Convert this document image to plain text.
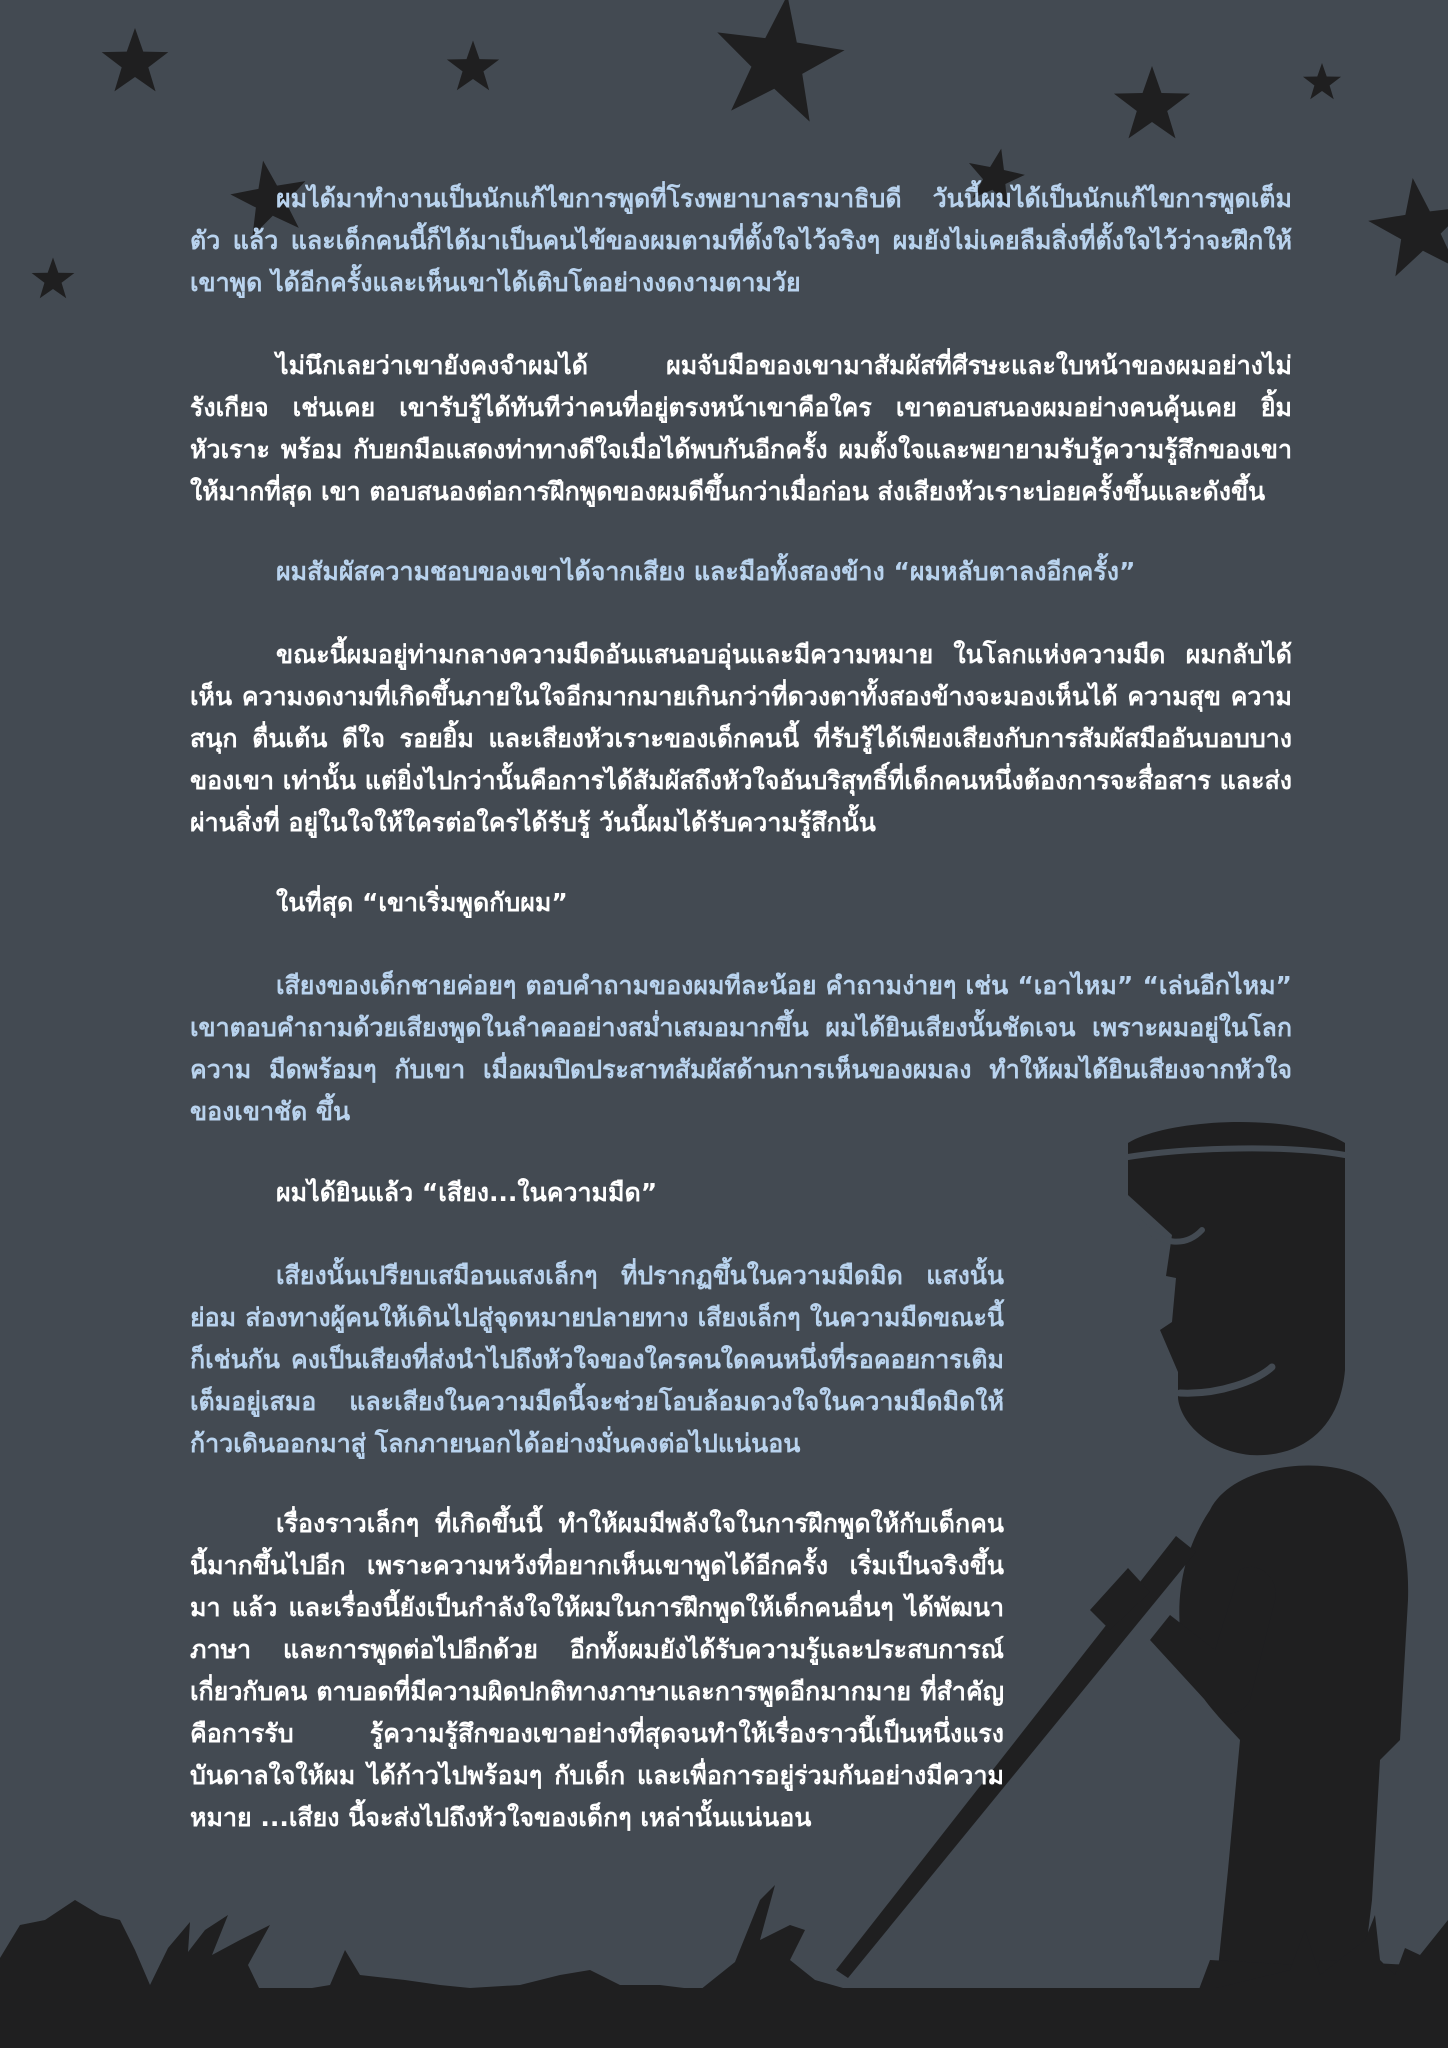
ผมได้มาทำงานเป็นนักแก้ไขการพูดที่โรงพยาบาลรามาธิบดี วันนี้ผมได้เป็นนักแก้ไขการพูดเต็มตัว แล้ว และเด็กคนนี้ก็ได้มาเป็นคนไข้ของผมตามที่ตั้งใจไว้จริงๆ ผมยังไม่เคยลืมสิ่งที่ตั้งใจไว้ว่าจะฝึกให้เขาพูด ได้อีกครั้งและเห็นเขาได้เติบโตอย่างงดงามตามวัย

ไม่นึกเลยว่าเขายังคงจำผมได้ ผมจับมือของเขามาสัมผัสที่ศีรษะและใบหน้าของผมอย่างไม่รังเกียจ เช่นเคย เขารับรู้ได้ทันทีว่าคนที่อยู่ตรงหน้าเขาคือใคร เขาตอบสนองผมอย่างคนคุ้นเคย ยิ้ม หัวเราะ พร้อม กับยกมือแสดงท่าทางดีใจเมื่อได้พบกันอีกครั้ง ผมตั้งใจและพยายามรับรู้ความรู้สึกของเขาให้มากที่สุด เขา ตอบสนองต่อการฝึกพูดของผมดีขึ้นกว่าเมื่อก่อน ส่งเสียงหัวเราะบ่อยครั้งขึ้นและดังขึ้น

ผมสัมผัสความชอบของเขาได้จากเสียง และมือทั้งสองข้าง “ผมหลับตาลงอีกครั้ง”

ขณะนี้ผมอยู่ท่ามกลางความมืดอันแสนอบอุ่นและมีความหมาย ในโลกแห่งความมืด ผมกลับได้เห็น ความงดงามที่เกิดขึ้นภายในใจอีกมากมายเกินกว่าที่ดวงตาทั้งสองข้างจะมองเห็นได้ ความสุข ความสนุก ตื่นเต้น ดีใจ รอยยิ้ม และเสียงหัวเราะของเด็กคนนี้ ที่รับรู้ได้เพียงเสียงกับการสัมผัสมืออันบอบบางของเขา เท่านั้น แต่ยิ่งไปกว่านั้นคือการได้สัมผัสถึงหัวใจอันบริสุทธิ์ที่เด็กคนหนึ่งต้องการจะสื่อสาร และส่งผ่านสิ่งที่ อยู่ในใจให้ใครต่อใครได้รับรู้ วันนี้ผมได้รับความรู้สึกนั้น

ในที่สุด “เขาเริ่มพูดกับผม”

เสียงของเด็กชายค่อยๆ ตอบคำถามของผมทีละน้อย คำถามง่ายๆ เช่น “เอาไหม” “เล่นอีกไหม” เขาตอบคำถามด้วยเสียงพูดในลำคออย่างสม่ำเสมอมากขึ้น ผมได้ยินเสียงนั้นชัดเจน เพราะผมอยู่ในโลกความ มืดพร้อมๆ กับเขา เมื่อผมปิดประสาทสัมผัสด้านการเห็นของผมลง ทำให้ผมได้ยินเสียงจากหัวใจของเขาชัด ขึ้น

ผมได้ยินแล้ว “เสียง...ในความมืด”

เสียงนั้นเปรียบเสมือนแสงเล็กๆ ที่ปรากฏขึ้นในความมืดมิด แสงนั้นย่อม ส่องทางผู้คนให้เดินไปสู่จุดหมายปลายทาง เสียงเล็กๆ ในความมืดขณะนี้ก็เช่นกัน คงเป็นเสียงที่ส่งนำไปถึงหัวใจของใครคนใดคนหนึ่งที่รอคอยการเติมเต็มอยู่เสมอ และเสียงในความมืดนี้จะช่วยโอบล้อมดวงใจในความมืดมิดให้ก้าวเดินออกมาสู่ โลกภายนอกได้อย่างมั่นคงต่อไปแน่นอน

เรื่องราวเล็กๆ ที่เกิดขึ้นนี้ ทำให้ผมมีพลังใจในการฝึกพูดให้กับเด็กคน นี้มากขึ้นไปอีก เพราะความหวังที่อยากเห็นเขาพูดได้อีกครั้ง เริ่มเป็นจริงขึ้นมา แล้ว และเรื่องนี้ยังเป็นกำลังใจให้ผมในการฝึกพูดให้เด็กคนอื่นๆ ได้พัฒนาภาษา และการพูดต่อไปอีกด้วย อีกทั้งผมยังได้รับความรู้และประสบการณ์เกี่ยวกับคน ตาบอดที่มีความผิดปกติทางภาษาและการพูดอีกมากมาย ที่สำคัญคือการรับ รู้ความรู้สึกของเขาอย่างที่สุดจนทำให้เรื่องราวนี้เป็นหนึ่งแรงบันดาลใจให้ผม ได้ก้าวไปพร้อมๆ กับเด็ก และเพื่อการอยู่ร่วมกันอย่างมีความหมาย ...เสียง นี้จะส่งไปถึงหัวใจของเด็กๆ เหล่านั้นแน่นอน
